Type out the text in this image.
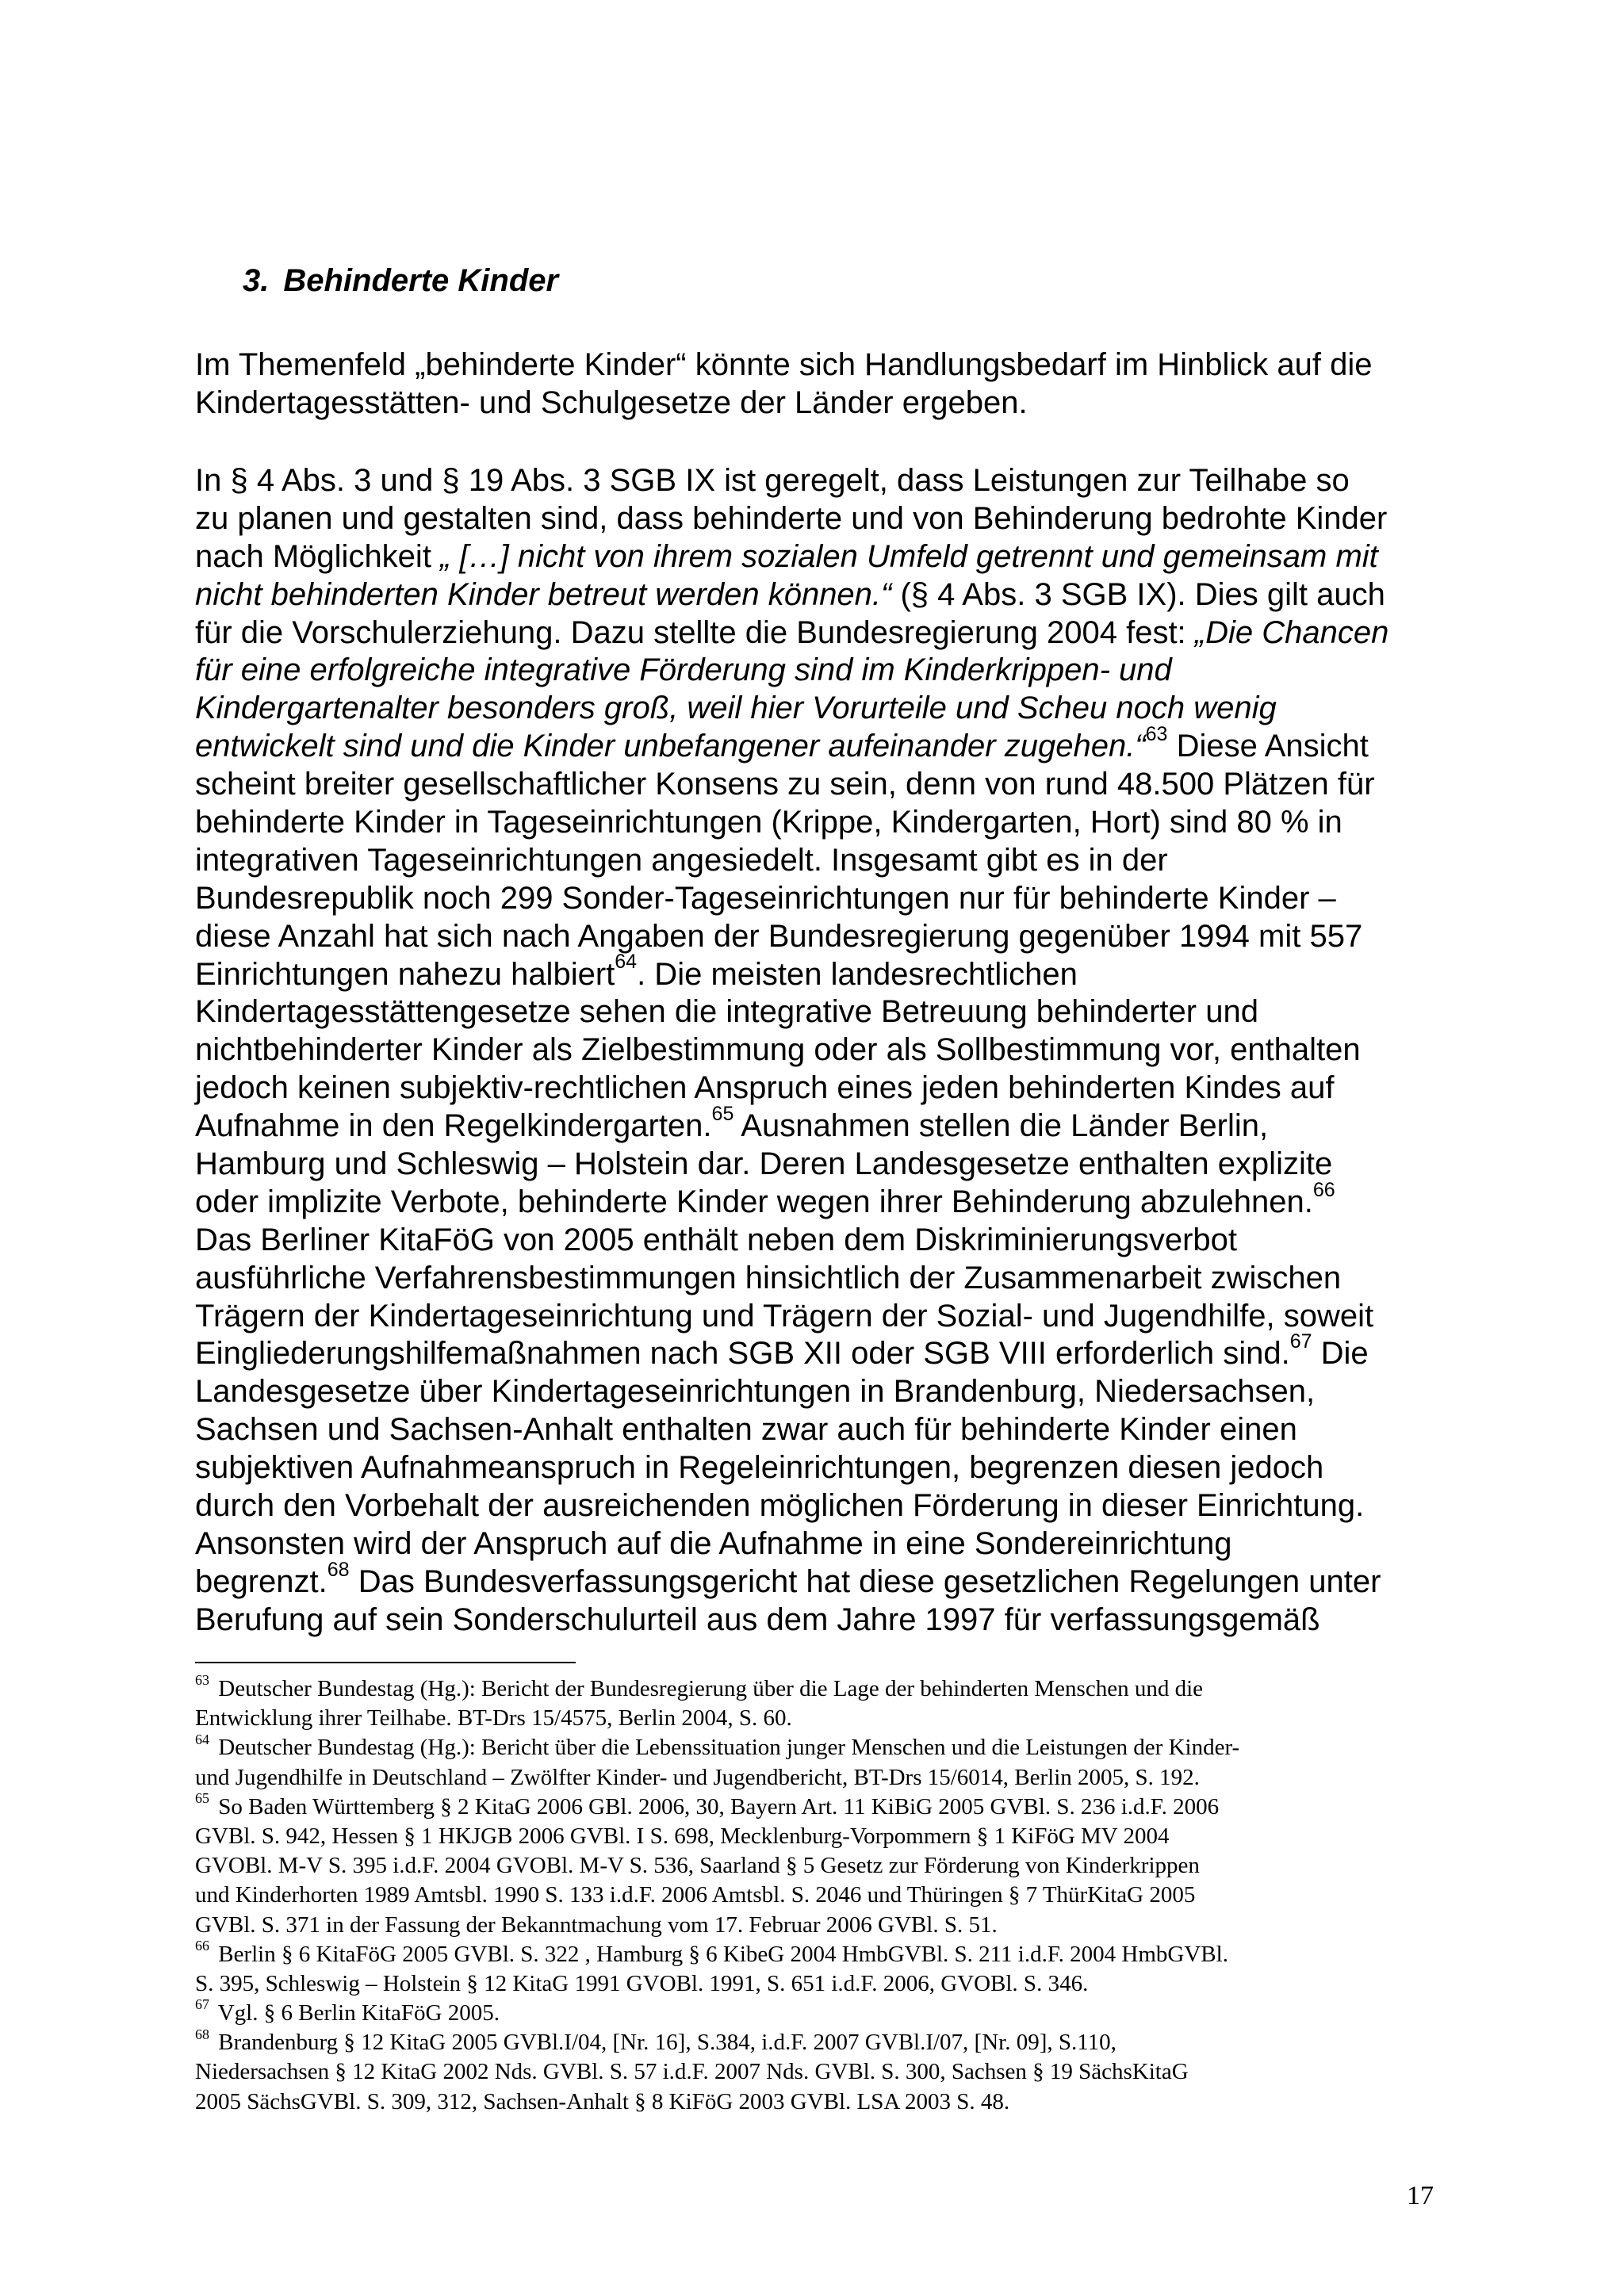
3. Behinderte Kinder
Im Themenfeld „behinderte Kinder“ könnte sich Handlungsbedarf im Hinblick auf die
Kindertagesstätten- und Schulgesetze der Länder ergeben.
In § 4 Abs. 3 und § 19 Abs. 3 SGB IX ist geregelt, dass Leistungen zur Teilhabe so
zu planen und gestalten sind, dass behinderte und von Behinderung bedrohte Kinder
nach Möglichkeit „ […] nicht von ihrem sozialen Umfeld getrennt und gemeinsam mit
nicht behinderten Kinder betreut werden können.“ (§ 4 Abs. 3 SGB IX). Dies gilt auch
für die Vorschulerziehung. Dazu stellte die Bundesregierung 2004 fest: „Die Chancen
für eine erfolgreiche integrative Förderung sind im Kinderkrippen- und
Kindergartenalter besonders groß, weil hier Vorurteile und Scheu noch wenig
entwickelt sind und die Kinder unbefangener aufeinander zugehen.“$^{63}$ Diese Ansicht
scheint breiter gesellschaftlicher Konsens zu sein, denn von rund 48.500 Plätzen für
behinderte Kinder in Tageseinrichtungen (Krippe, Kindergarten, Hort) sind 80 % in
integrativen Tageseinrichtungen angesiedelt. Insgesamt gibt es in der
Bundesrepublik noch 299 Sonder-Tageseinrichtungen nur für behinderte Kinder –
diese Anzahl hat sich nach Angaben der Bundesregierung gegenüber 1994 mit 557
Einrichtungen nahezu halbiert$^{64}$. Die meisten landesrechtlichen
Kindertagesstättengesetze sehen die integrative Betreuung behinderter und
nichtbehinderter Kinder als Zielbestimmung oder als Sollbestimmung vor, enthalten
jedoch keinen subjektiv-rechtlichen Anspruch eines jeden behinderten Kindes auf
Aufnahme in den Regelkindergarten.$^{65}$ Ausnahmen stellen die Länder Berlin,
Hamburg und Schleswig – Holstein dar. Deren Landesgesetze enthalten explizite
oder implizite Verbote, behinderte Kinder wegen ihrer Behinderung abzulehnen.$^{66}$
Das Berliner KitaFöG von 2005 enthält neben dem Diskriminierungsverbot
ausführliche Verfahrensbestimmungen hinsichtlich der Zusammenarbeit zwischen
Trägern der Kindertageseinrichtung und Trägern der Sozial- und Jugendhilfe, soweit
Eingliederungshilfemaßnahmen nach SGB XII oder SGB VIII erforderlich sind.$^{67}$ Die
Landesgesetze über Kindertageseinrichtungen in Brandenburg, Niedersachsen,
Sachsen und Sachsen-Anhalt enthalten zwar auch für behinderte Kinder einen
subjektiven Aufnahmeanspruch in Regeleinrichtungen, begrenzen diesen jedoch
durch den Vorbehalt der ausreichenden möglichen Förderung in dieser Einrichtung.
Ansonsten wird der Anspruch auf die Aufnahme in eine Sondereinrichtung
begrenzt.$^{68}$ Das Bundesverfassungsgericht hat diese gesetzlichen Regelungen unter
Berufung auf sein Sonderschulurteil aus dem Jahre 1997 für verfassungsgemäß
$^{63}$ Deutscher Bundestag (Hg.): Bericht der Bundesregierung über die Lage der behinderten Menschen und die
Entwicklung ihrer Teilhabe. BT-Drs 15/4575, Berlin 2004, S. 60.
$^{64}$ Deutscher Bundestag (Hg.): Bericht über die Lebenssituation junger Menschen und die Leistungen der Kinder-
und Jugendhilfe in Deutschland – Zwölfter Kinder- und Jugendbericht, BT-Drs 15/6014, Berlin 2005, S. 192.
$^{65}$ So Baden Württemberg § 2 KitaG 2006 GBl. 2006, 30, Bayern Art. 11 KiBiG 2005 GVBl. S. 236 i.d.F. 2006
GVBl. S. 942, Hessen § 1 HKJGB 2006 GVBl. I S. 698, Mecklenburg-Vorpommern § 1 KiFöG MV 2004
GVOBl. M-V S. 395 i.d.F. 2004 GVOBl. M-V S. 536, Saarland § 5 Gesetz zur Förderung von Kinderkrippen
und Kinderhorten 1989 Amtsbl. 1990 S. 133 i.d.F. 2006 Amtsbl. S. 2046 und Thüringen § 7 ThürKitaG 2005
GVBl. S. 371 in der Fassung der Bekanntmachung vom 17. Februar 2006 GVBl. S. 51.
$^{66}$ Berlin § 6 KitaFöG 2005 GVBl. S. 322 , Hamburg § 6 KibeG 2004 HmbGVBl. S. 211 i.d.F. 2004 HmbGVBl.
S. 395, Schleswig – Holstein § 12 KitaG 1991 GVOBl. 1991, S. 651 i.d.F. 2006, GVOBl. S. 346.
$^{67}$ Vgl. § 6 Berlin KitaFöG 2005.
$^{68}$ Brandenburg § 12 KitaG 2005 GVBl.I/04, [Nr. 16], S.384, i.d.F. 2007 GVBl.I/07, [Nr. 09], S.110,
Niedersachsen § 12 KitaG 2002 Nds. GVBl. S. 57 i.d.F. 2007 Nds. GVBl. S. 300, Sachsen § 19 SächsKitaG
2005 SächsGVBl. S. 309, 312, Sachsen-Anhalt § 8 KiFöG 2003 GVBl. LSA 2003 S. 48.
17
